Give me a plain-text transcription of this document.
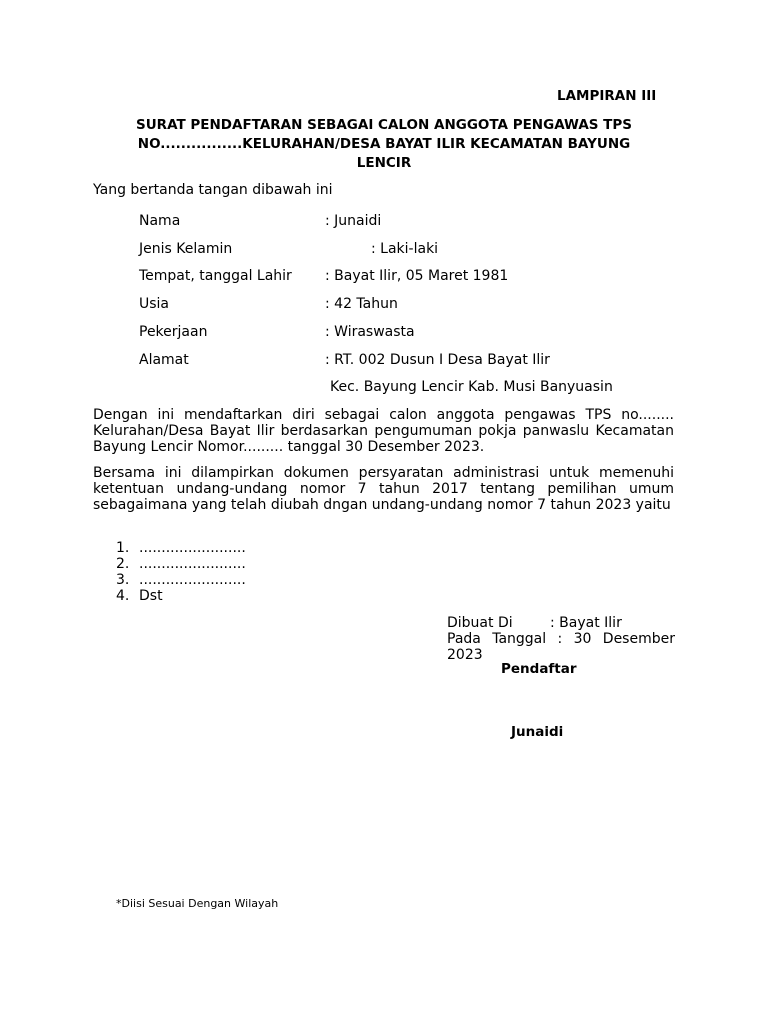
LAMPIRAN III
SURAT PENDAFTARAN SEBAGAI CALON ANGGOTA PENGAWAS TPS
NO................KELURAHAN/DESA BAYAT ILIR KECAMATAN BAYUNG
LENCIR
Yang bertanda tangan dibawah ini
Nama	: Junaidi
Jenis Kelamin	: Laki-laki
Tempat, tanggal Lahir : Bayat Ilir, 05 Maret 1981
Usia	: 42 Tahun
Pekerjaan	: Wiraswasta
Alamat	: RT. 002 Dusun I Desa Bayat Ilir
Kec. Bayung Lencir Kab. Musi Banyuasin
Dengan ini mendaftarkan diri sebagai calon anggota pengawas TPS no........ Kelurahan/Desa Bayat Ilir berdasarkan pengumuman pokja panwaslu Kecamatan Bayung Lencir Nomor......... tanggal 30 Desember 2023.
Bersama ini dilampirkan dokumen persyaratan administrasi untuk memenuhi ketentuan undang-undang nomor 7 tahun 2017 tentang pemilihan umum sebagaimana yang telah diubah dngan undang-undang nomor 7 tahun 2023 yaitu
1. ........................
2. ........................
3. ........................
4. Dst
Dibuat Di	: Bayat Ilir
Pada Tanggal : 30 Desember 2023
Pendaftar
Junaidi
*Diisi Sesuai Dengan Wilayah
